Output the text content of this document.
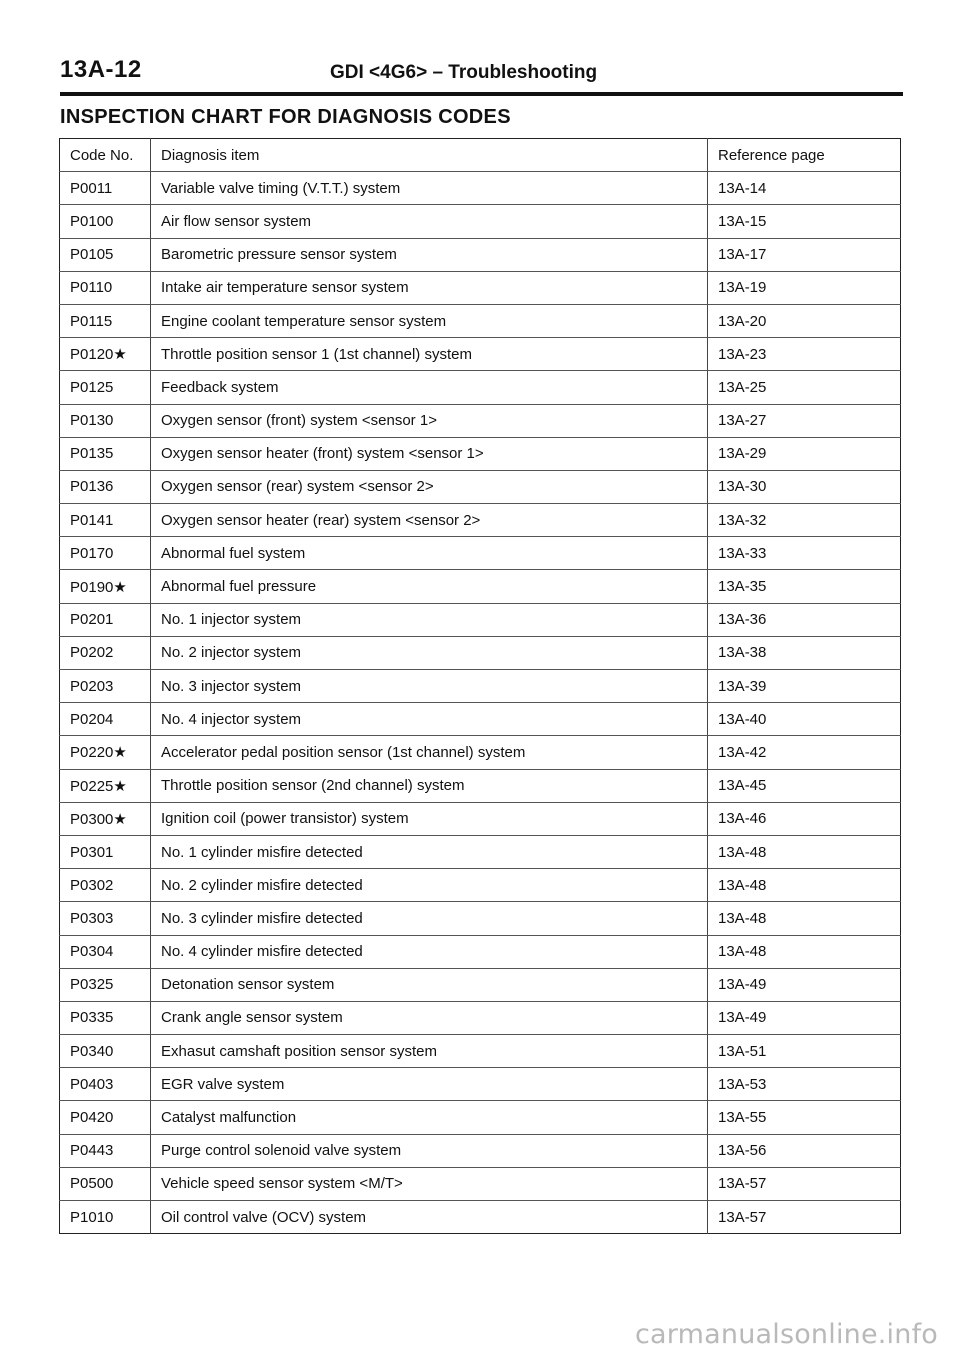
13A-12	GDI <4G6> – Troubleshooting
INSPECTION CHART FOR DIAGNOSIS CODES
Code No.	Diagnosis item	Reference page
P0011	Variable valve timing (V.T.T.) system	13A-14
P0100	Air flow sensor system	13A-15
P0105	Barometric pressure sensor system	13A-17
P0110	Intake air temperature sensor system	13A-19
P0115	Engine coolant temperature sensor system	13A-20
P0120★	Throttle position sensor 1 (1st channel) system	13A-23
P0125	Feedback system	13A-25
P0130	Oxygen sensor (front) system <sensor 1>	13A-27
P0135	Oxygen sensor heater (front) system <sensor 1>	13A-29
P0136	Oxygen sensor (rear) system <sensor 2>	13A-30
P0141	Oxygen sensor heater (rear) system <sensor 2>	13A-32
P0170	Abnormal fuel system	13A-33
P0190★	Abnormal fuel pressure	13A-35
P0201	No. 1 injector system	13A-36
P0202	No. 2 injector system	13A-38
P0203	No. 3 injector system	13A-39
P0204	No. 4 injector system	13A-40
P0220★	Accelerator pedal position sensor (1st channel) system	13A-42
P0225★	Throttle position sensor (2nd channel) system	13A-45
P0300★	Ignition coil (power transistor) system	13A-46
P0301	No. 1 cylinder misfire detected	13A-48
P0302	No. 2 cylinder misfire detected	13A-48
P0303	No. 3 cylinder misfire detected	13A-48
P0304	No. 4 cylinder misfire detected	13A-48
P0325	Detonation sensor system	13A-49
P0335	Crank angle sensor system	13A-49
P0340	Exhasut camshaft position sensor system	13A-51
P0403	EGR valve system	13A-53
P0420	Catalyst malfunction	13A-55
P0443	Purge control solenoid valve system	13A-56
P0500	Vehicle speed sensor system <M/T>	13A-57
P1010	Oil control valve (OCV) system	13A-57
carmanualsonline.info
